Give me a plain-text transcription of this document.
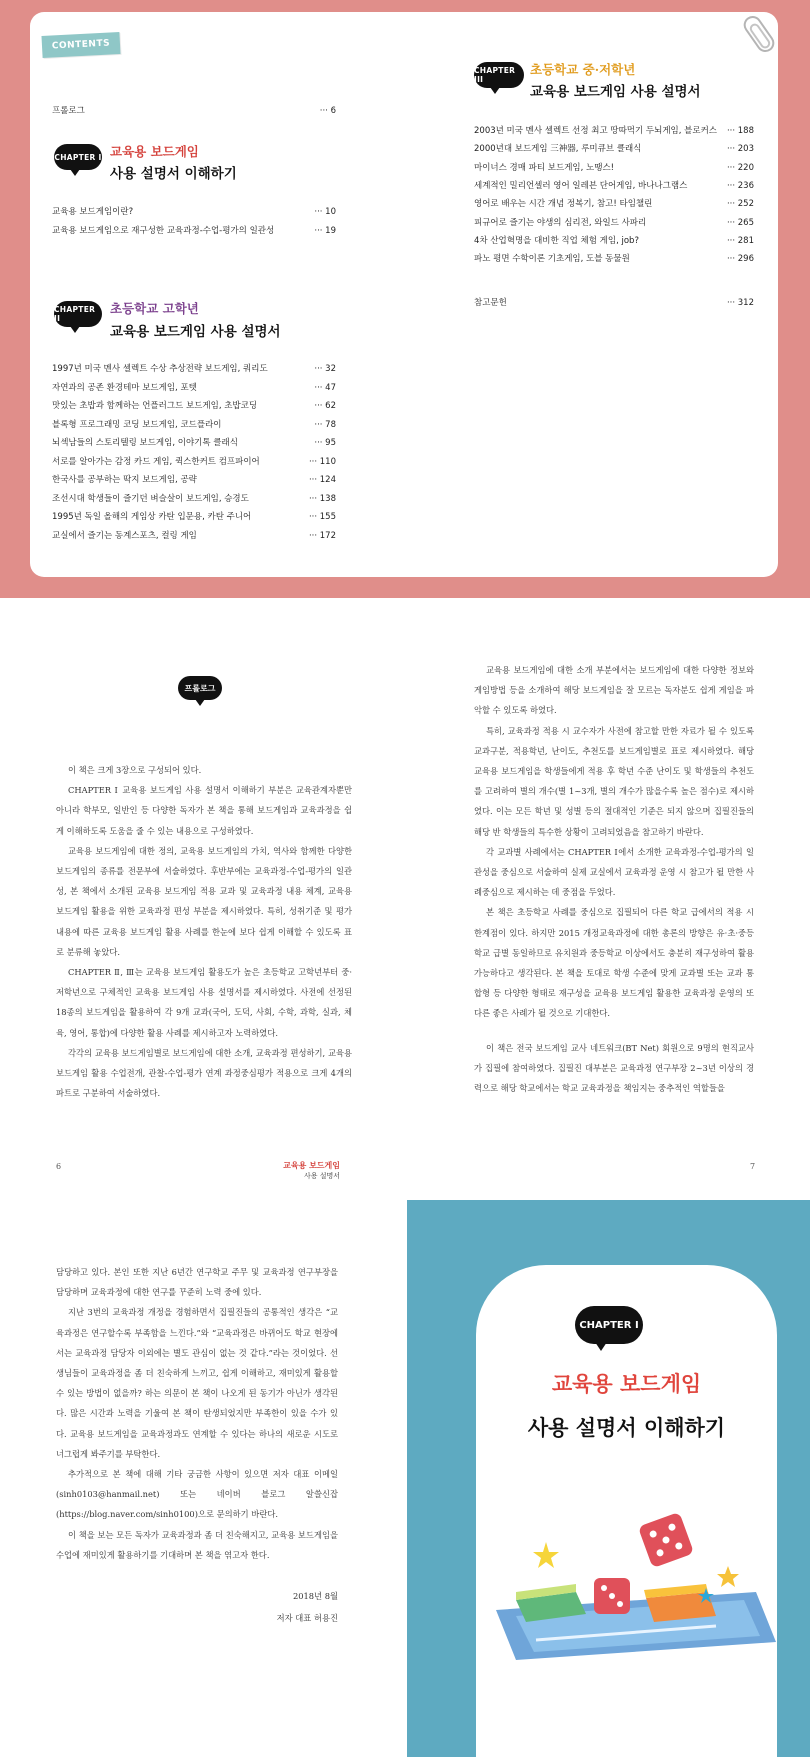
CONTENTS
프롤로그	··· 6
CHAPTER I 교육용 보드게임
사용 설명서 이해하기
교육용 보드게임이란?	··· 10
교육용 보드게임으로 재구성한 교육과정-수업-평가의 일관성	··· 19
CHAPTER II
초등학교 고학년
교육용 보드게임 사용 설명서
1997년 미국 멘사 셀렉트 수상 추상전략 보드게임, 쿼리도	··· 32
자연과의 공존 환경테마 보드게임, 포텟	··· 47
맛있는 초밥과 함께하는 언플러그드 보드게임, 초밥코딩	··· 62
블록형 프로그래밍 코딩 보드게임, 코드플라이	··· 78
뇌섹남들의 스토리텔링 보드게임, 이야기톡 클래식	··· 95
서로를 알아가는 감정 카드 게임, 퀵스한커트 컴프파이어	··· 110
한국사를 공부하는 딱지 보드게임, 공략	··· 124
조선시대 학생들이 즐기던 벼슬살이 보드게임, 승경도	··· 138
1995년 독일 올해의 게임상 카탄 입문용, 카탄 주니어	··· 155
교실에서 즐기는 동계스포츠, 컬링 게임	··· 172
CHAPTER III
초등학교 중·저학년
교육용 보드게임 사용 설명서
2003년 미국 멘사 셀렉트 선정 최고 땅따먹기 두뇌게임, 블로커스 ··· 188
2000년대 보드게임 三神器, 루미큐브 클래식	··· 203
마이너스 경매 파티 보드게임, 노땡스!	··· 220
세계적인 밀리언셀러 영어 일레븐 단어게임, 바나나그램스	··· 236
영어로 배우는 시간 개념 정복기, 참고! 타임챌린	··· 252
피규어로 즐기는 야생의 심리전, 와일드 사파리	··· 265
4차 산업혁명을 대비한 직업 체험 게임, job?	··· 281
파노 평면 수학이론 기초게임, 도블 동물원	··· 296
참고문헌	··· 312
프롤로그

이 책은 크게 3장으로 구성되어 있다.

CHAPTER Ⅰ 교육용 보드게임 사용 설명서 이해하기 부분은 교육관계자뿐만 아니라 학부모, 일반인 등 다양한 독자가 본 책을 통해 보드게임과 교육과정을 쉽게 이해하도록 도움을 줄 수 있는 내용으로 구성하였다.

교육용 보드게임에 대한 정의, 교육용 보드게임의 가치, 역사와 함께한 다양한 보드게임의 종류를 전문부에 서술하였다. 후반부에는 교육과정-수업-평가의 일관성, 본 책에서 소개된 교육용 보드게임 적용 교과 및 교육과정 내용 체계, 교육용 보드게임 활용을 위한 교육과정 편성 부분을 제시하였다. 특히, 성취기준 및 평가내용에 따른 교육용 보드게임 활용 사례를 한눈에 보다 쉽게 이해할 수 있도록 표로 분류해 놓았다.

CHAPTER Ⅱ, Ⅲ는 교육용 보드게임 활용도가 높은 초등학교 고학년부터 중·저학년으로 구체적인 교육용 보드게임 사용 설명서를 제시하였다. 사전에 선정된 18종의 보드게임을 활용하여 각 9개 교과(국어, 도덕, 사회, 수학, 과학, 실과, 체육, 영어, 통합)에 다양한 활용 사례를 제시하고자 노력하였다.

각각의 교육용 보드게임별로 보드게임에 대한 소개, 교육과정 편성하기, 교육용 보드게임 활용 수업전개, 관찰-수업-평가 연계 과정중심평가 적용으로 크게 4개의 파트로 구분하여 서술하였다.

교육용 보드게임에 대한 소개 부분에서는 보드게임에 대한 다양한 정보와 게임방법 등을 소개하여 해당 보드게임을 잘 모르는 독자분도 쉽게 게임을 파악할 수 있도록 하였다.

특히, 교육과정 적용 시 교수자가 사전에 참고할 만한 자료가 될 수 있도록 교과구분, 적용학년, 난이도, 추천도를 보드게임별로 표로 제시하였다. 해당 교육용 보드게임을 학생들에게 적용 후 학년 수준 난이도 및 학생들의 추천도를 고려하여 별의 개수(별 1~3개, 별의 개수가 많을수록 높은 점수)로 제시하였다. 이는 모든 학년 및 성별 등의 절대적인 기준은 되지 않으며 집필진들의 해당 반 학생들의 특수한 상황이 고려되었음을 참고하기 바란다.

각 교과별 사례에서는 CHAPTER Ⅰ에서 소개한 교육과정-수업-평가의 일관성을 중심으로 서술하여 실제 교실에서 교육과정 운영 시 참고가 될 만한 사례중심으로 제시하는 데 중점을 두었다.

본 책은 초등학교 사례를 중심으로 집필되어 다른 학교 급에서의 적용 시 한계점이 있다. 하지만 2015 개정교육과정에 대한 총론의 방향은 유·초·중등학교 급별 동일하므로 유치원과 중등학교 이상에서도 충분히 재구성하여 활용 가능하다고 생각된다. 본 책을 토대로 학생 수준에 맞게 교과별 또는 교과 통합형 등 다양한 형태로 재구성을 교육용 보드게임 활용한 교육과정 운영의 또 다른 좋은 사례가 될 것으로 기대한다.

이 책은 전국 보드게임 교사 네트워크(BT Net) 회원으로 9명의 현직교사가 집필에 참여하였다. 집필진 대부분은 교육과정 연구부장 2~3년 이상의 경력으로 해당 학교에서는 학교 교육과정을 책임지는 중추적인 역할들을

6	교육용 보드게임
사용 설명서
7

담당하고 있다. 본인 또한 지난 6년간 연구학교 주무 및 교육과정 연구부장을 담당하며 교육과정에 대한 연구를 꾸준히 노력 중에 있다.

지난 3번의 교육과정 개정을 경험하면서 집필진들의 공통적인 생각은 “교육과정은 연구할수록 부족함을 느낀다.”와 “교육과정은 바뀌어도 학교 현장에서는 교육과정 담당자 이외에는 별도 관심이 없는 것 같다.”라는 것이었다. 선생님들이 교육과정을 좀 더 친숙하게 느끼고, 쉽게 이해하고, 재미있게 활용할 수 있는 방법이 없을까? 하는 의문이 본 책이 나오게 된 동기가 아닌가 생각된다. 많은 시간과 노력을 기울여 본 책이 탄생되었지만 부족한이 있을 수가 있다. 교육용 보드게임을 교육과정과도 연계할 수 있다는 하나의 새로운 시도로 너그럽게 봐주기를 부탁한다.

추가적으로 본 책에 대해 기타 궁금한 사항이 있으면 저자 대표 이메일(sinh0103@hanmail.net) 또는 네이버 블로그 알쓸신잡(https://blog.naver.com/sinh0100)으로 문의하기 바란다.

이 책을 보는 모든 독자가 교육과정과 좀 더 친숙해지고, 교육용 보드게임을 수업에 재미있게 활용하기를 기대하며 본 책을 엮고자 한다.

2018년 8월
저자 대표 허용진
CHAPTER I
교육용 보드게임
사용 설명서 이해하기
